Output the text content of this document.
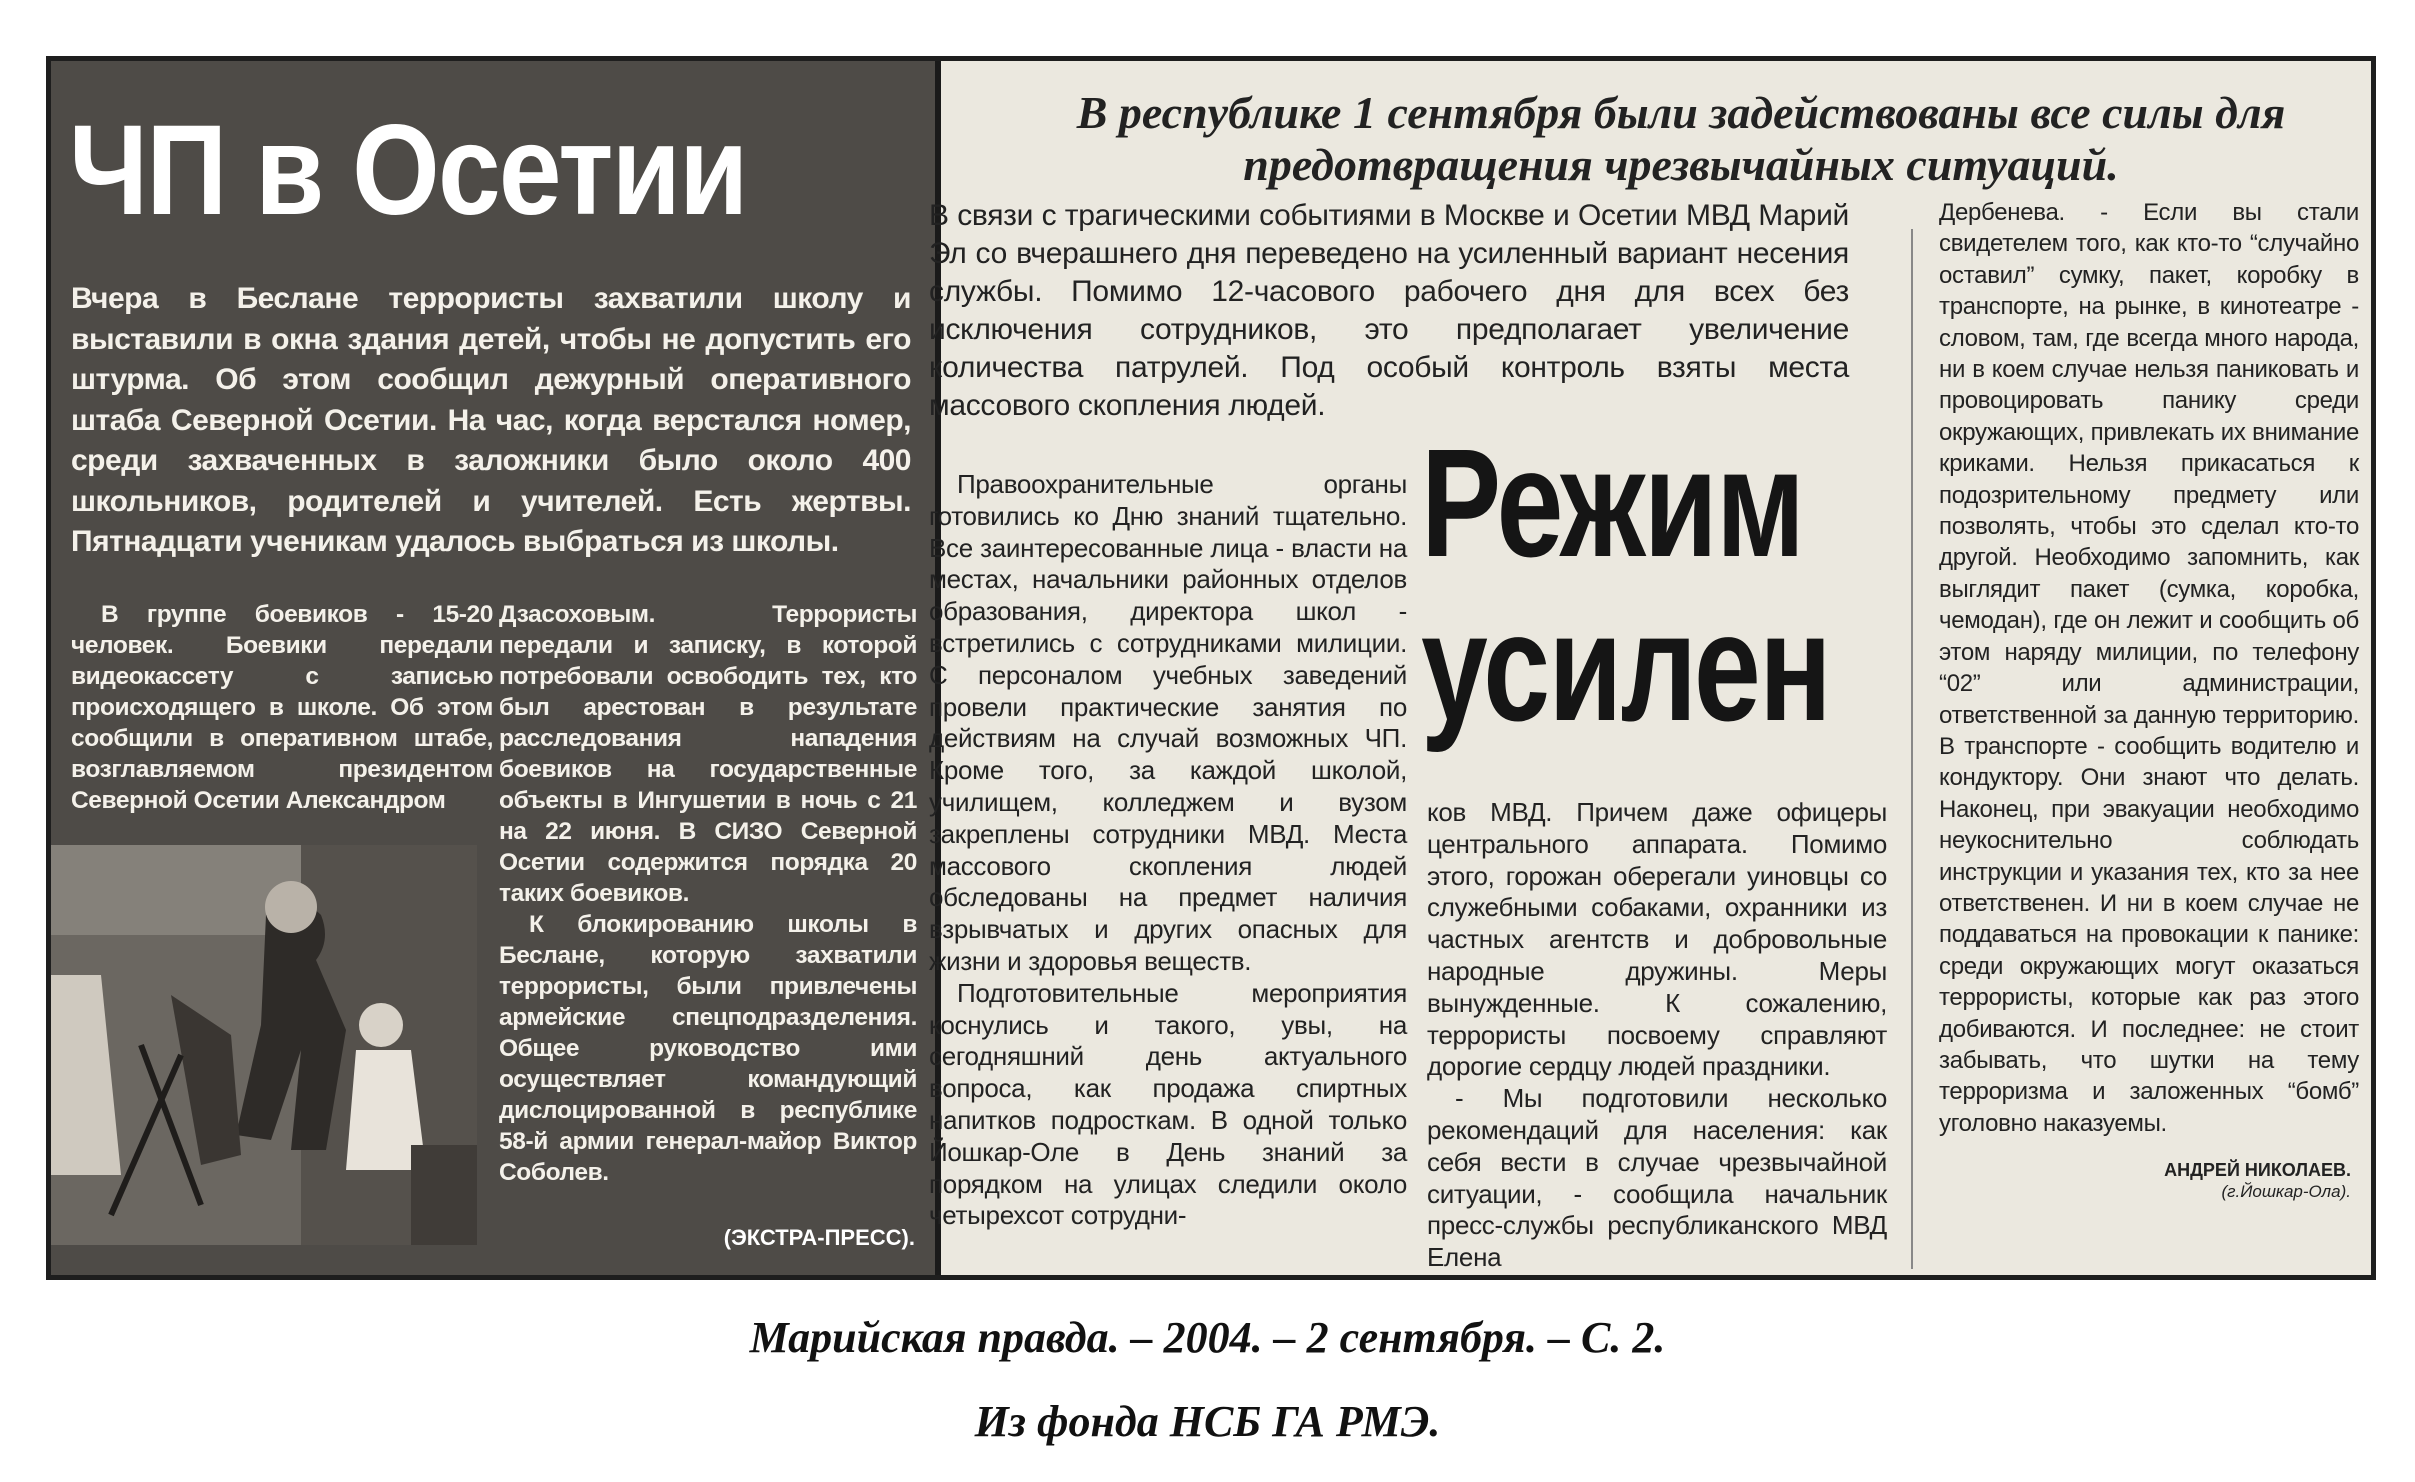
ЧП в Осетии
Вчера в Беслане террористы захватили школу и выставили в окна здания детей, чтобы не допустить его штурма. Об этом сообщил дежурный оперативного штаба Северной Осетии. На час, когда верстался номер, среди захваченных в заложники было около 400 школьников, родителей и учителей. Есть жертвы. Пятнадцати ученикам удалось выбраться из школы.

В группе боевиков - 15-20 человек. Боевики передали видеокассету с записью происходящего в школе. Об этом сообщили в оперативном штабе, возглавляемом президентом Северной Осетии Александром

Дзасоховым. Террористы передали и записку, в которой потребовали освободить тех, кто был арестован в результате расследования нападения боевиков на государственные объекты в Ингушетии в ночь с 21 на 22 июня. В СИЗО Северной Осетии содержится порядка 20 таких боевиков.

К блокированию школы в Беслане, которую захватили террористы, были привлечены армейские спецподразделения. Общее руководство ими осуществляет командующий дислоцированной в республике 58-й армии генерал-майор Виктор Соболев.

(ЭКСТРА-ПРЕСС).
В республике 1 сентября были задействованы все силы для предотвращения чрезвычайных ситуаций.
В связи с трагическими событиями в Москве и Осетии МВД Марий Эл со вчерашнего дня переведено на усиленный вариант несения службы. Помимо 12-часового рабочего дня для всех без исключения сотрудников, это предполагает увеличение количества патрулей. Под особый контроль взяты места массового скопления людей.
Режим
усилен

Правоохранительные органы готовились ко Дню знаний тщательно. Все заинтересованные лица - власти на местах, начальники районных отделов образования, директора школ - встретились с сотрудниками милиции. С персоналом учебных заведений провели практические занятия по действиям на случай возможных ЧП. Кроме того, за каждой школой, училищем, колледжем и вузом закреплены сотрудники МВД. Места массового скопления людей обследованы на предмет наличия взрывчатых и других опасных для жизни и здоровья веществ.

Подготовительные мероприятия коснулись и такого, увы, на сегодняшний день актуального вопроса, как продажа спиртных напитков подросткам. В одной только Йошкар-Оле в День знаний за порядком на улицах следили около четырехсот сотрудни-

ков МВД. Причем даже офицеры центрального аппарата. Помимо этого, горожан оберегали уиновцы со служебными собаками, охранники из частных агентств и добровольные народные дружины. Меры вынужденные. К сожалению, террористы посвоему справляют дорогие сердцу людей праздники.

- Мы подготовили несколько рекомендаций для населения: как себя вести в случае чрезвычайной ситуации, - сообщила начальник пресс-службы республиканского МВД Елена

Дербенева. - Если вы стали свидетелем того, как кто-то “случайно оставил” сумку, пакет, коробку в транспорте, на рынке, в кинотеатре - словом, там, где всегда много народа, ни в коем случае нельзя паниковать и провоцировать панику среди окружающих, привлекать их внимание криками. Нельзя прикасаться к подозрительному предмету или позволять, чтобы это сделал кто-то другой. Необходимо запомнить, как выглядит пакет (сумка, коробка, чемодан), где он лежит и сообщить об этом наряду милиции, по телефону “02” или администрации, ответственной за данную территорию. В транспорте - сообщить водителю и кондуктору. Они знают что делать. Наконец, при эвакуации необходимо неукоснительно соблюдать инструкции и указания тех, кто за нее ответственен. И ни в коем случае не поддаваться на провокации к панике: среди окружающих могут оказаться террористы, которые как раз этого добиваются. И последнее: не стоит забывать, что шутки на тему терроризма и заложенных “бомб” уголовно наказуемы.

АНДРЕЙ НИКОЛАЕВ.
(г.Йошкар-Ола).
Марийская правда. – 2004. – 2 сентября. – С. 2.
Из фонда НСБ ГА РМЭ.
